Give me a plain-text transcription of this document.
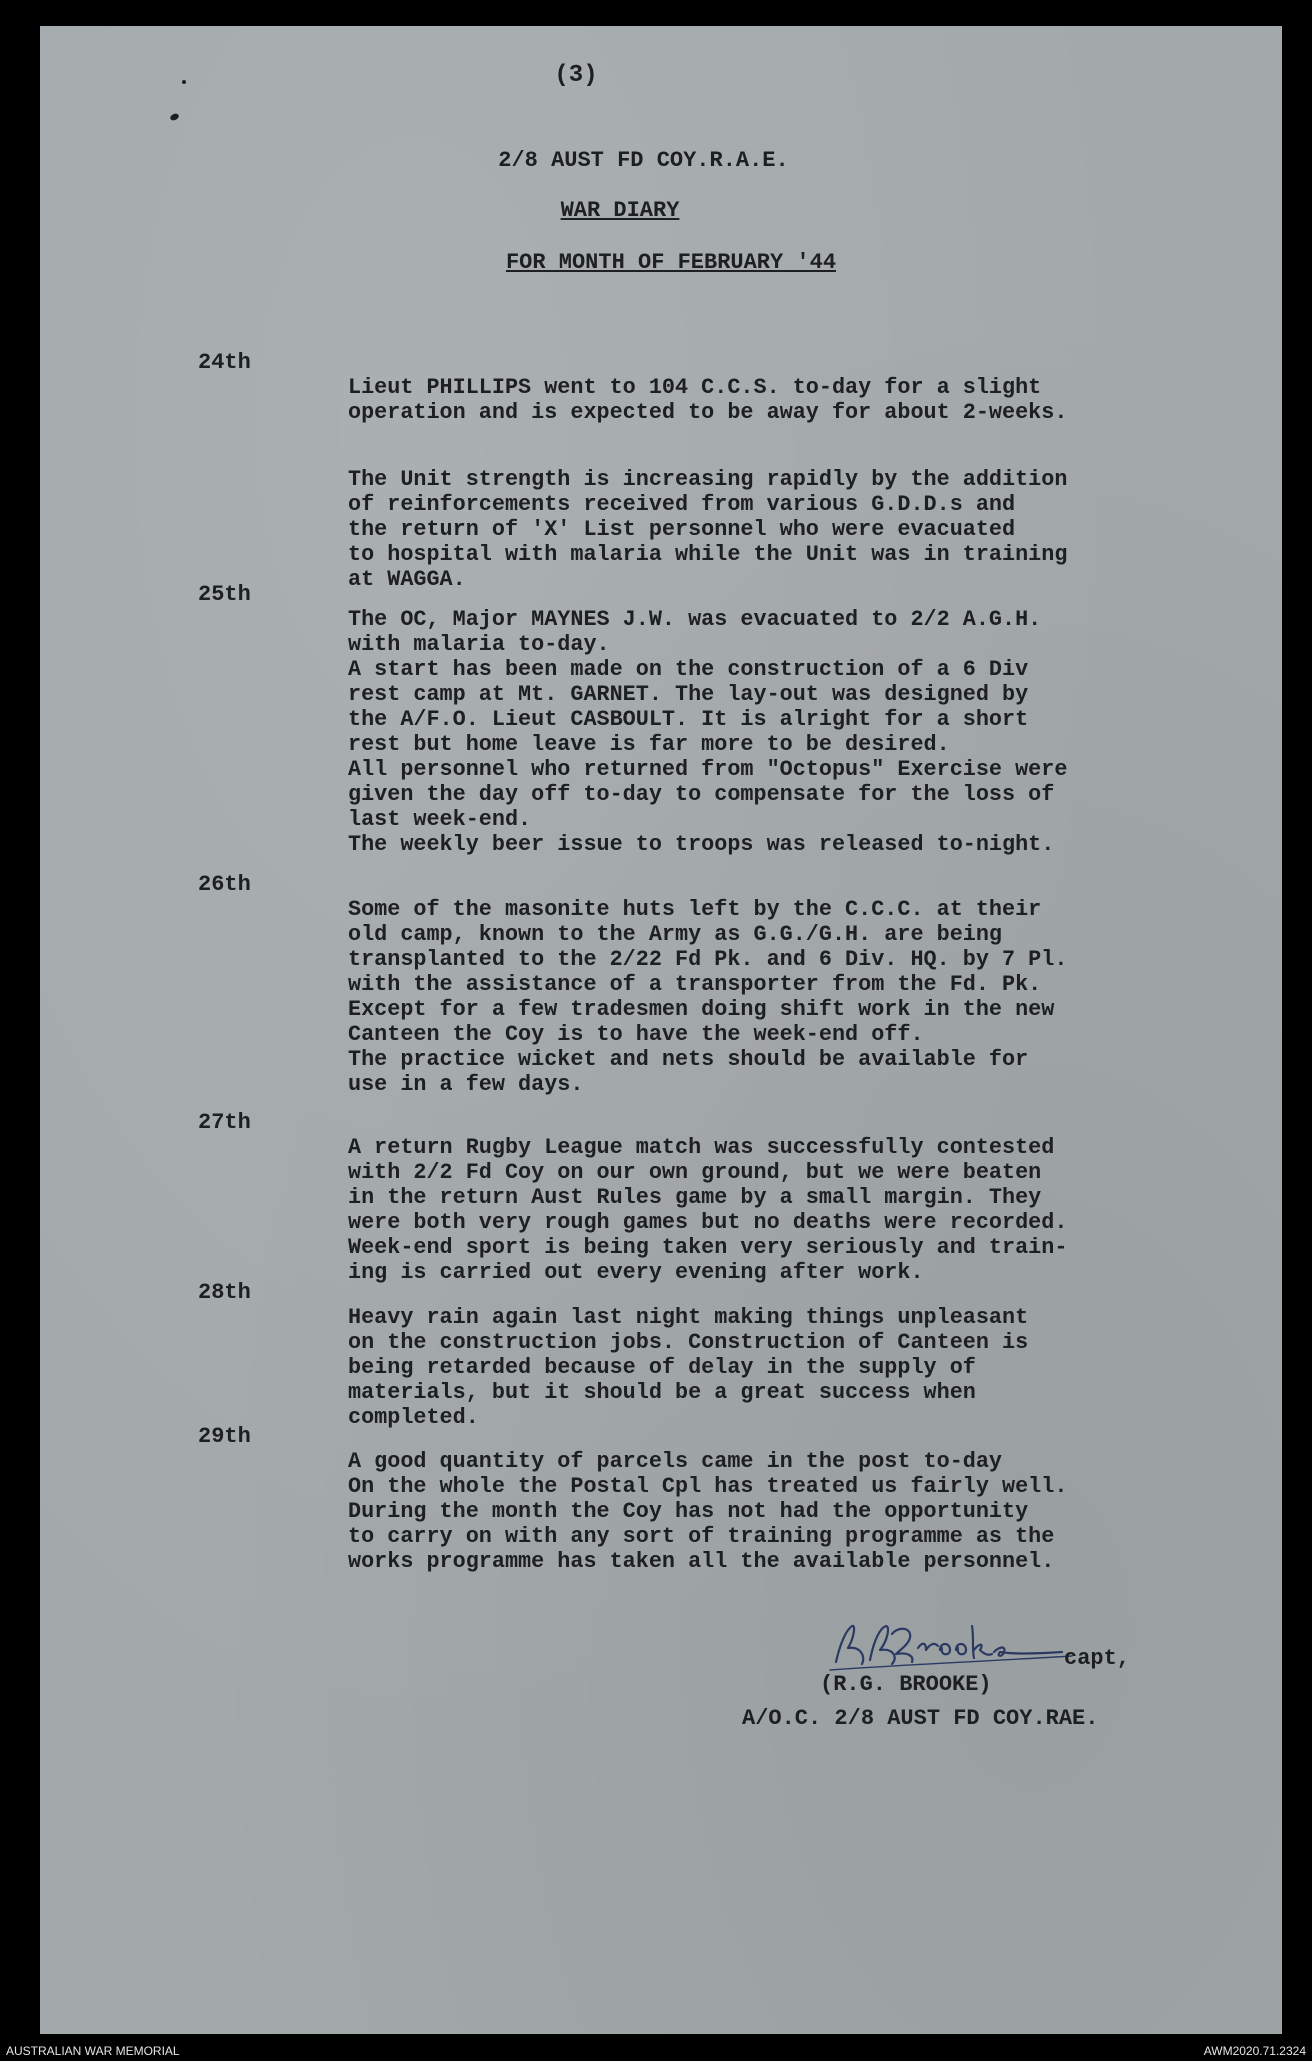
(3)
2/8 AUST FD COY.R.A.E.
WAR DIARY
FOR MONTH OF FEBRUARY '44
24th

Lieut PHILLIPS went to 104 C.C.S. to-day for a slight
operation and is expected to be away for about 2-weeks.

The Unit strength is increasing rapidly by the addition
of reinforcements received from various G.D.D.s and
the return of 'X' List personnel who were evacuated
to hospital with malaria while the Unit was in training
at WAGGA.

25th

The OC, Major MAYNES J.W. was evacuated to 2/2 A.G.H.
with malaria to-day.
A start has been made on the construction of a 6 Div
rest camp at Mt. GARNET. The lay-out was designed by
the A/F.O. Lieut CASBOULT. It is alright for a short
rest but home leave is far more to be desired.
All personnel who returned from "Octopus" Exercise were
given the day off to-day to compensate for the loss of
last week-end.
The weekly beer issue to troops was released to-night.

26th

Some of the masonite huts left by the C.C.C. at their
old camp, known to the Army as G.G./G.H. are being
transplanted to the 2/22 Fd Pk. and 6 Div. HQ. by 7 Pl.
with the assistance of a transporter from the Fd. Pk.
Except for a few tradesmen doing shift work in the new
Canteen the Coy is to have the week-end off.
The practice wicket and nets should be available for
use in a few days.

27th

A return Rugby League match was successfully contested
with 2/2 Fd Coy on our own ground, but we were beaten
in the return Aust Rules game by a small margin. They
were both very rough games but no deaths were recorded.
Week-end sport is being taken very seriously and train-
ing is carried out every evening after work.

28th

Heavy rain again last night making things unpleasant
on the construction jobs. Construction of Canteen is
being retarded because of delay in the supply of
materials, but it should be a great success when
completed.

29th

A good quantity of parcels came in the post to-day
On the whole the Postal Cpl has treated us fairly well.
During the month the Coy has not had the opportunity
to carry on with any sort of training programme as the
works programme has taken all the available personnel.

capt,
(R.G. BROOKE)
A/O.C. 2/8 AUST FD COY.RAE.
AUSTRALIAN WAR MEMORIAL	AWM2020.71.2324
